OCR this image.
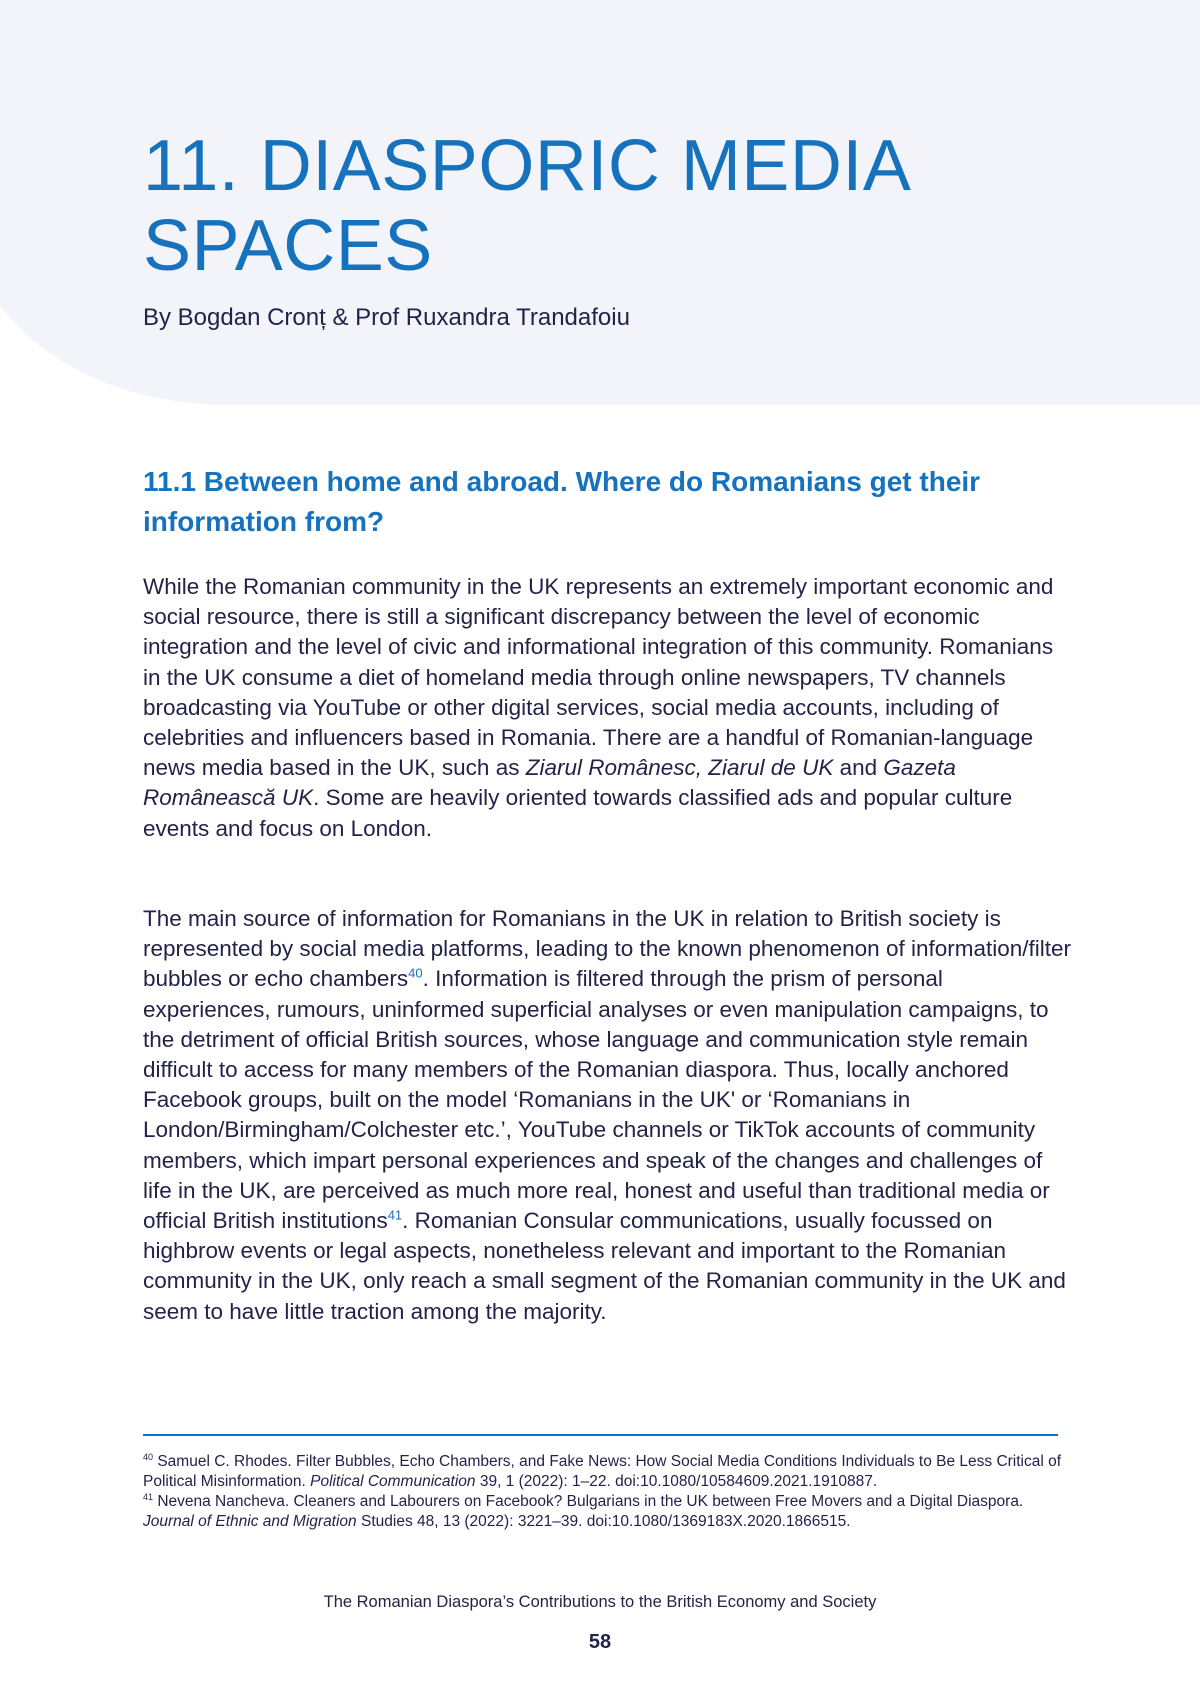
11. DIASPORIC MEDIA SPACES

By Bogdan Cronț & Prof Ruxandra Trandafoiu

11.1 Between home and abroad. Where do Romanians get their information from?

While the Romanian community in the UK represents an extremely important economic and social resource, there is still a significant discrepancy between the level of economic integration and the level of civic and informational integration of this community. Romanians in the UK consume a diet of homeland media through online newspapers, TV channels broadcasting via YouTube or other digital services, social media accounts, including of celebrities and influencers based in Romania. There are a handful of Romanian-language news media based in the UK, such as Ziarul Românesc, Ziarul de UK and Gazeta Românească UK. Some are heavily oriented towards classified ads and popular culture events and focus on London.

The main source of information for Romanians in the UK in relation to British society is represented by social media platforms, leading to the known phenomenon of information/filter bubbles or echo chambers$^{40}$. Information is filtered through the prism of personal experiences, rumours, uninformed superficial analyses or even manipulation campaigns, to the detriment of official British sources, whose language and communication style remain difficult to access for many members of the Romanian diaspora. Thus, locally anchored Facebook groups, built on the model ‘Romanians in the UK' or ‘Romanians in London/Birmingham/Colchester etc.’, YouTube channels or TikTok accounts of community members, which impart personal experiences and speak of the changes and challenges of life in the UK, are perceived as much more real, honest and useful than traditional media or official British institutions$^{41}$. Romanian Consular communications, usually focussed on highbrow events or legal aspects, nonetheless relevant and important to the Romanian community in the UK, only reach a small segment of the Romanian community in the UK and seem to have little traction among the majority.

$^{40}$ Samuel C. Rhodes. Filter Bubbles, Echo Chambers, and Fake News: How Social Media Conditions Individuals to Be Less Critical of Political Misinformation. Political Communication 39, 1 (2022): 1–22. doi:10.1080/10584609.2021.1910887.

$^{41}$ Nevena Nancheva. Cleaners and Labourers on Facebook? Bulgarians in the UK between Free Movers and a Digital Diaspora. Journal of Ethnic and Migration Studies 48, 13 (2022): 3221–39. doi:10.1080/1369183X.2020.1866515.

The Romanian Diaspora’s Contributions to the British Economy and Society

58
